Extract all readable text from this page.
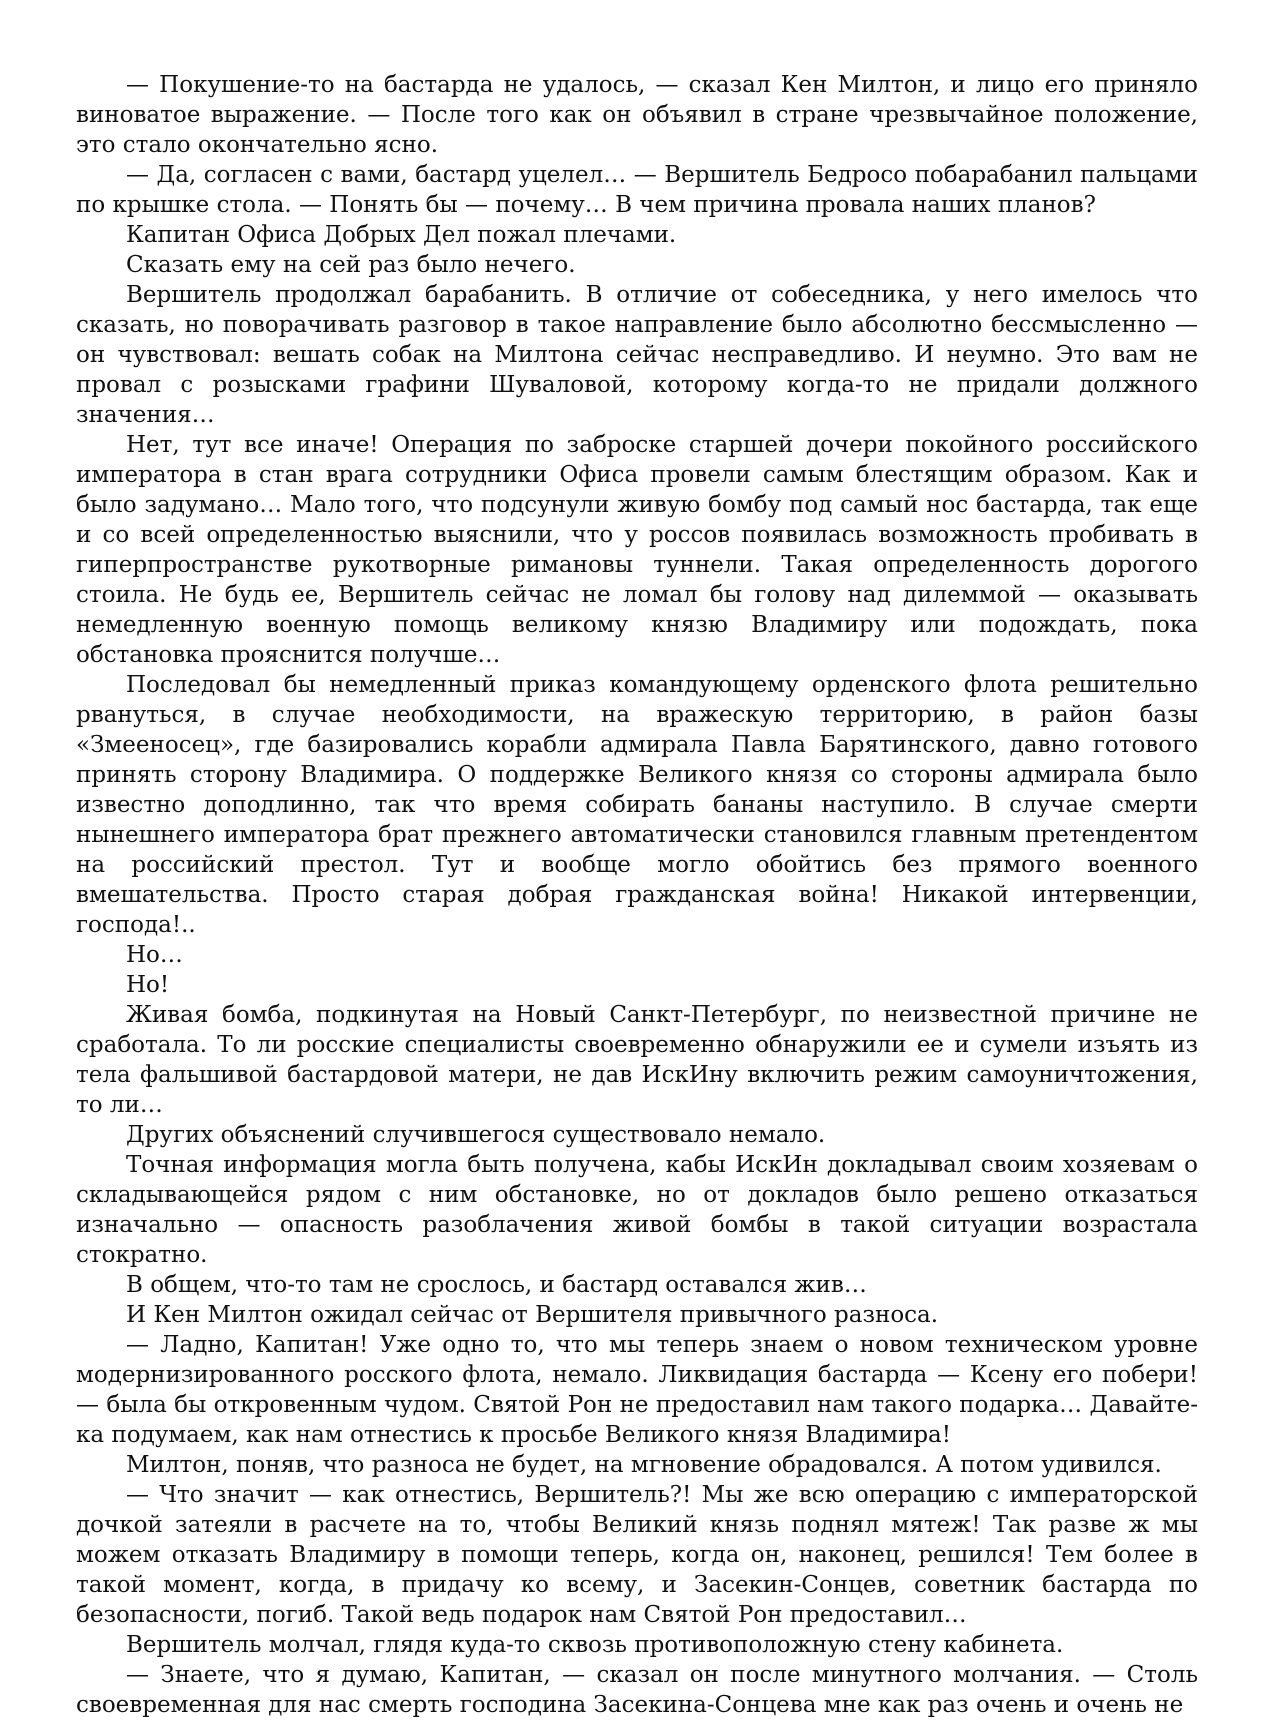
— Покушение-то на бастарда не удалось, — сказал Кен Милтон, и лицо его приняло виноватое выражение. — После того как он объявил в стране чрезвычайное положение, это стало окончательно ясно.

— Да, согласен с вами, бастард уцелел… — Вершитель Бедросо побарабанил пальцами по крышке стола. — Понять бы — почему… В чем причина провала наших планов?

Капитан Офиса Добрых Дел пожал плечами.

Сказать ему на сей раз было нечего.

Вершитель продолжал барабанить. В отличие от собеседника, у него имелось что сказать, но поворачивать разговор в такое направление было абсолютно бессмысленно — он чувствовал: вешать собак на Милтона сейчас несправедливо. И неумно. Это вам не провал с розысками графини Шуваловой, которому когда-то не придали должного значения…

Нет, тут все иначе! Операция по заброске старшей дочери покойного российского императора в стан врага сотрудники Офиса провели самым блестящим образом. Как и было задумано… Мало того, что подсунули живую бомбу под самый нос бастарда, так еще и со всей определенностью выяснили, что у россов появилась возможность пробивать в гиперпространстве рукотворные римановы туннели. Такая определенность дорогого стоила. Не будь ее, Вершитель сейчас не ломал бы голову над дилеммой — оказывать немедленную военную помощь великому князю Владимиру или подождать, пока обстановка прояснится получше…

Последовал бы немедленный приказ командующему орденского флота решительно рвануться, в случае необходимости, на вражескую территорию, в район базы «Змееносец», где базировались корабли адмирала Павла Барятинского, давно готового принять сторону Владимира. О поддержке Великого князя со стороны адмирала было известно доподлинно, так что время собирать бананы наступило. В случае смерти нынешнего императора брат прежнего автоматически становился главным претендентом на российский престол. Тут и вообще могло обойтись без прямого военного вмешательства. Просто старая добрая гражданская война! Никакой интервенции, господа!..

Но…

Но!

Живая бомба, подкинутая на Новый Санкт-Петербург, по неизвестной причине не сработала. То ли росские специалисты своевременно обнаружили ее и сумели изъять из тела фальшивой бастардовой матери, не дав ИскИну включить режим самоуничтожения, то ли…

Других объяснений случившегося существовало немало.

Точная информация могла быть получена, кабы ИскИн докладывал своим хозяевам о складывающейся рядом с ним обстановке, но от докладов было решено отказаться изначально — опасность разоблачения живой бомбы в такой ситуации возрастала стократно.

В общем, что-то там не срослось, и бастард оставался жив…

И Кен Милтон ожидал сейчас от Вершителя привычного разноса.

— Ладно, Капитан! Уже одно то, что мы теперь знаем о новом техническом уровне модернизированного росского флота, немало. Ликвидация бастарда — Ксену его побери! — была бы откровенным чудом. Святой Рон не предоставил нам такого подарка… Давайте-ка подумаем, как нам отнестись к просьбе Великого князя Владимира!

Милтон, поняв, что разноса не будет, на мгновение обрадовался. А потом удивился.

— Что значит — как отнестись, Вершитель?! Мы же всю операцию с императорской дочкой затеяли в расчете на то, чтобы Великий князь поднял мятеж! Так разве ж мы можем отказать Владимиру в помощи теперь, когда он, наконец, решился! Тем более в такой момент, когда, в придачу ко всему, и Засекин-Сонцев, советник бастарда по безопасности, погиб. Такой ведь подарок нам Святой Рон предоставил…

Вершитель молчал, глядя куда-то сквозь противоположную стену кабинета.

— Знаете, что я думаю, Капитан, — сказал он после минутного молчания. — Столь своевременная для нас смерть господина Засекина-Сонцева мне как раз очень и очень не
